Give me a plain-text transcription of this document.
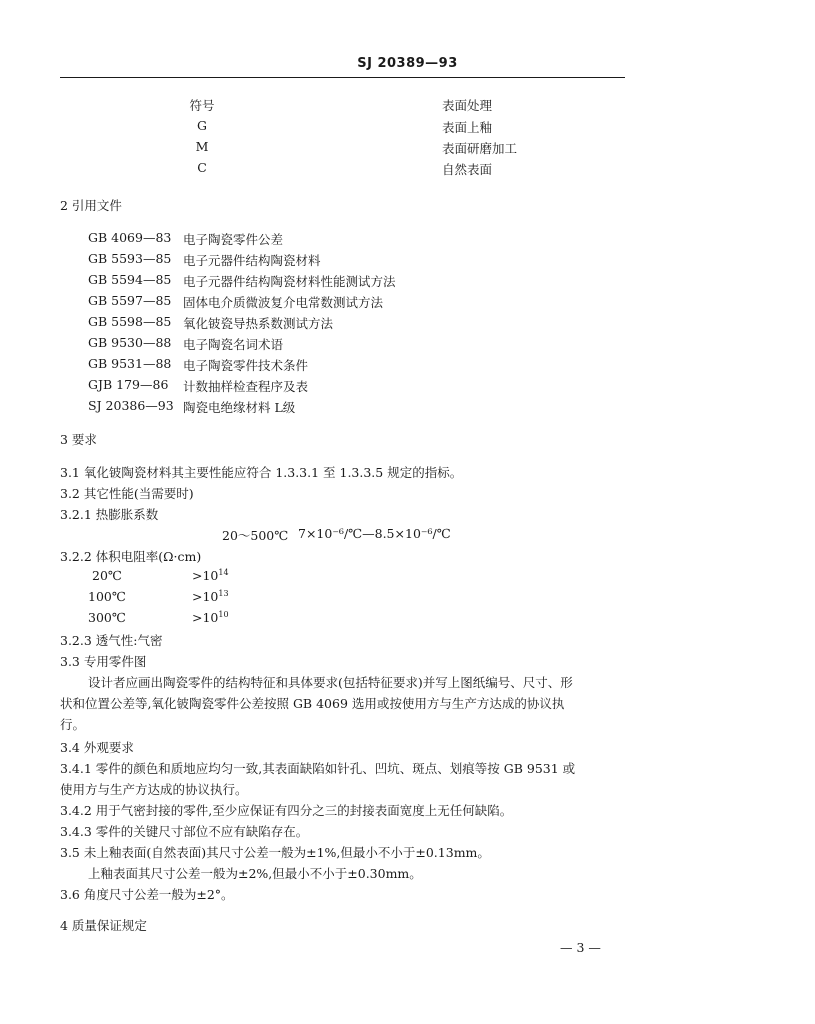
SJ 20389—93
符号	表面处理
G	表面上釉
M	表面研磨加工
C	自然表面
2 引用文件
GB 4069—83 电子陶瓷零件公差
GB 5593—85 电子元器件结构陶瓷材料
GB 5594—85 电子元器件结构陶瓷材料性能测试方法
GB 5597—85 固体电介质微波复介电常数测试方法
GB 5598—85 氧化铍瓷导热系数测试方法
GB 9530—88 电子陶瓷名词术语
GB 9531—88 电子陶瓷零件技术条件
GJB 179—86 计数抽样检查程序及表
SJ 20386—93 陶瓷电绝缘材料 L级
3 要求
3.1 氧化铍陶瓷材料其主要性能应符合 1.3.3.1 至 1.3.3.5 规定的指标。
3.2 其它性能(当需要时)
3.2.1 热膨胀系数
20～500℃ 7×10⁻⁶/℃—8.5×10⁻⁶/℃
3.2.2 体积电阻率(Ω·cm)
20℃	$>10^{14}$
100℃	$>10^{13}$
300℃	$>10^{10}$
3.2.3 透气性:气密
3.3 专用零件图
设计者应画出陶瓷零件的结构特征和具体要求(包括特征要求)并写上图纸编号、尺寸、形
状和位置公差等,氧化铍陶瓷零件公差按照 GB 4069 选用或按使用方与生产方达成的协议执
行。
3.4 外观要求
3.4.1 零件的颜色和质地应均匀一致,其表面缺陷如针孔、凹坑、斑点、划痕等按 GB 9531 或
使用方与生产方达成的协议执行。
3.4.2 用于气密封接的零件,至少应保证有四分之三的封接表面宽度上无任何缺陷。
3.4.3 零件的关键尺寸部位不应有缺陷存在。
3.5 未上釉表面(自然表面)其尺寸公差一般为±1%,但最小不小于±0.13mm。
上釉表面其尺寸公差一般为±2%,但最小不小于±0.30mm。
3.6 角度尺寸公差一般为±2°。
4 质量保证规定
— 3 —
